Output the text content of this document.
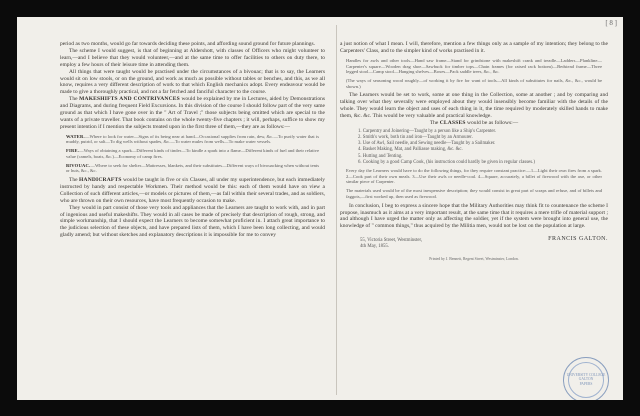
[ 8 ]

period as two months, would go far towards deciding these points, and affording sound ground for future plannings.

The scheme I would suggest, is that of beginning at Aldershott, with classes of Officers who might volunteer to learn,—and I believe that they would volunteer,—and at the same time to offer facilities to others on duty there, to employ a few hours of their leisure time in attending them.

All things that were taught would be practised under the circumstances of a bivouac; that is to say, the Learners would sit on low stools, or on the ground, and work as much as possible without tables or benches, and this, as we all know, requires a very different description of work to that which English mechanics adopt. Every endeavour would be made to give a thoroughly practical, and not a far fetched and fanciful character to the course.

The MAKESHIFTS AND CONTRIVANCES would be explained by me in Lectures, aided by Demonstrations and Diagrams, and during frequent Field Excursions. In this division of the course I should follow part of the very same ground as that which I have gone over in the " Art of Travel ;" those subjects being omitted which are special to the wants of a private traveller. That book contains on the whole twenty-five chapters ; it will, perhaps, suffice to show my present intention if I mention the subjects treated upon in the first three of them,—they are as follows:—

WATER.—Where to look for water—Signs of its being near at hand—Occasional supplies from rain, dew, &c.—To purify water that is muddy, putrid, or salt—To dig wells without spades, &c.—To water mules from wells—To make water vessels.

FIRE.—Ways of obtaining a spark—Different kinds of tinder—To kindle a spark into a flame—Different kinds of fuel and their relative value (camels, boats, &c.)—Economy of camp fires.

BIVOUAC.—Where to seek for shelter—Mattresses, blankets, and their substitutes—Different ways of bivouacking when without tents or huts, &c., &c.

The HANDICRAFTS would be taught in five or six Classes, all under my superintendence, but each immediately instructed by handy and respectable Workmen. Their method would be this: each of them would have on view a Collection of such different articles,—or models or pictures of them,—as fall within their several trades, and as soldiers, who are thrown on their own resources, have most frequently occasion to make.

They would in part consist of those very tools and appliances that the Learners are taught to work with, and in part of ingenious and useful makeshifts. They would in all cases be made of precisely that description of rough, strong, and simple workmanship, that I should expect the Learners to become somewhat proficient in. I attach great importance to the judicious selection of these objects, and have prepared lists of them, which I have been long collecting, and would gladly amend; but without sketches and explanatory descriptions it is impossible for me to convey

a just notion of what I mean. I will, therefore, mention a few things only as a sample of my intention; they belong to the Carpenters' Class, and to the simpler kind of works practised in it.

Handles for awls and other tools—Hand saw frame—Stand for grindstone with makeshift crank and treadle—Ladders—Plankline—Carpenter's square—Wooden drag shoe—Sawbuck for timber tops—Chain frames (for raised rack bottom)—Bedstead frame—Three legged stool—Camp stool—Hanging shelves—Boxes—Pack saddle trees, &c., &c.

(The ways of seasoning wood roughly—of working it by fire for want of tools—All kinds of substitutes for nails, &c., &c., would be shown.)

The Learners would be set to work, some at one thing in the Collection, some at another ; and by comparing and talking over what they severally were employed about they would insensibly become familiar with the details of the whole. They would learn the object and uses of each thing in it, the time required by moderately skilled hands to make them, &c. &c. This would be very valuable and practical knowledge.

The CLASSES would be as follows:—

1. Carpentry and Joinering—Taught by a person like a Ship's Carpenter.
2. Smith's work, both tin and iron—Taught by an Armourer.
3. Use of Awl, Sail needle, and Sewing needle—Taught by a Sailmaker.
4. Basket Making, Mat, and Palliasse making, &c. &c.
5. Hutting and Tenting.
6. Cooking by a good Camp Cook, (his instruction could hardly be given in regular classes.)

Every day the Learners would have to do the following things, for they require constant practice:—1—Light their own fires from a spark. 2—Cook part of their own meals. 3—Use their awls or needle-coal. 4—Square, accurately, a billet of firewood with the axe, or other similar piece of Carpenter.

The materials used would be of the most inexpensive description; they would consist in great part of scraps and refuse, and of billets and faggots,—first worked up, then used as firewood.

In conclusion, I beg to express a sincere hope that the Military Authorities may think fit to countenance the scheme I propose, inasmuch as it aims at a very important result, at the same time that it requires a mere trifle of material support ; and although I have urged the matter only as affecting the soldier, yet if the system were brought into general use, the knowledge of " common things," thus acquired by the Militia men, would not be lost on the population at large.

FRANCIS GALTON.
55, Victoria Street, Westminster,
4th May, 1855.
Printed by J. Bennett, Regent Street, Westminster, London.
UNIVERSITY COLLEGE
GALTON
PAPERS
